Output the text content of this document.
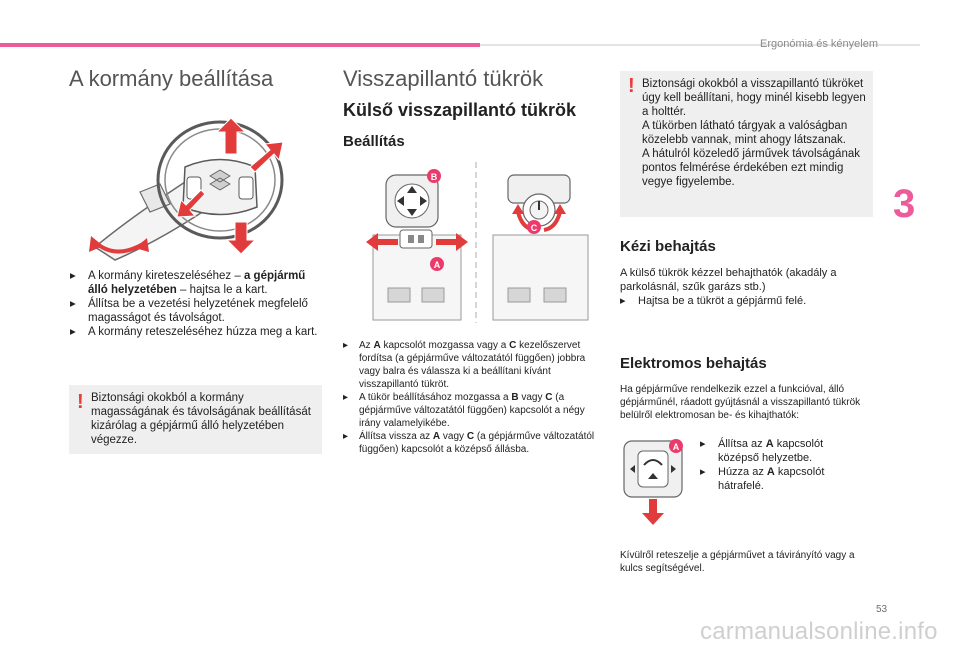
Ergonómia és kényelem
3
A kormány beállítása
▸ A kormány kireteszeléséhez – a gépjármű álló helyzetében – hajtsa le a kart.
▸ Állítsa be a vezetési helyzetének megfelelő magasságot és távolságot.
▸ A kormány reteszeléséhez húzza meg a kart.
! Biztonsági okokból a kormány magasságának és távolságának beállítását kizárólag a gépjármű álló helyzetében végezze.
Visszapillantó tükrök
Külső visszapillantó tükrök
Beállítás
B
A
C
▸ Az A kapcsolót mozgassa vagy a C kezelőszervet fordítsa (a gépjárműve változatától függően) jobbra vagy balra és válassza ki a beállítani kívánt visszapillantó tükröt.
▸ A tükör beállításához mozgassa a B vagy C (a gépjárműve változatától függően) kapcsolót a négy irány valamelyikébe.
▸ Állítsa vissza az A vagy C (a gépjárműve változatától függően) kapcsolót a középső állásba.
! Biztonsági okokból a visszapillantó tükröket úgy kell beállítani, hogy minél kisebb legyen a holttér.
A tükörben látható tárgyak a valóságban közelebb vannak, mint ahogy látszanak.
A hátulról közeledő járművek távolságának pontos felmérése érdekében ezt mindig vegye figyelembe.
Kézi behajtás
A külső tükrök kézzel behajthatók (akadály a parkolásnál, szűk garázs stb.)
▸ Hajtsa be a tükröt a gépjármű felé.
Elektromos behajtás
Ha gépjárműve rendelkezik ezzel a funkcióval, álló gépjárműnél, ráadott gyújtásnál a visszapillantó tükrök belülről elektromosan be- és kihajthatók:
A ▸ Állítsa az A kapcsolót középső helyzetbe.
▸ Húzza az A kapcsolót hátrafelé.
Kívülről reteszelje a gépjárművet a távirányító vagy a kulcs segítségével.
53
carmanualsonline.info
